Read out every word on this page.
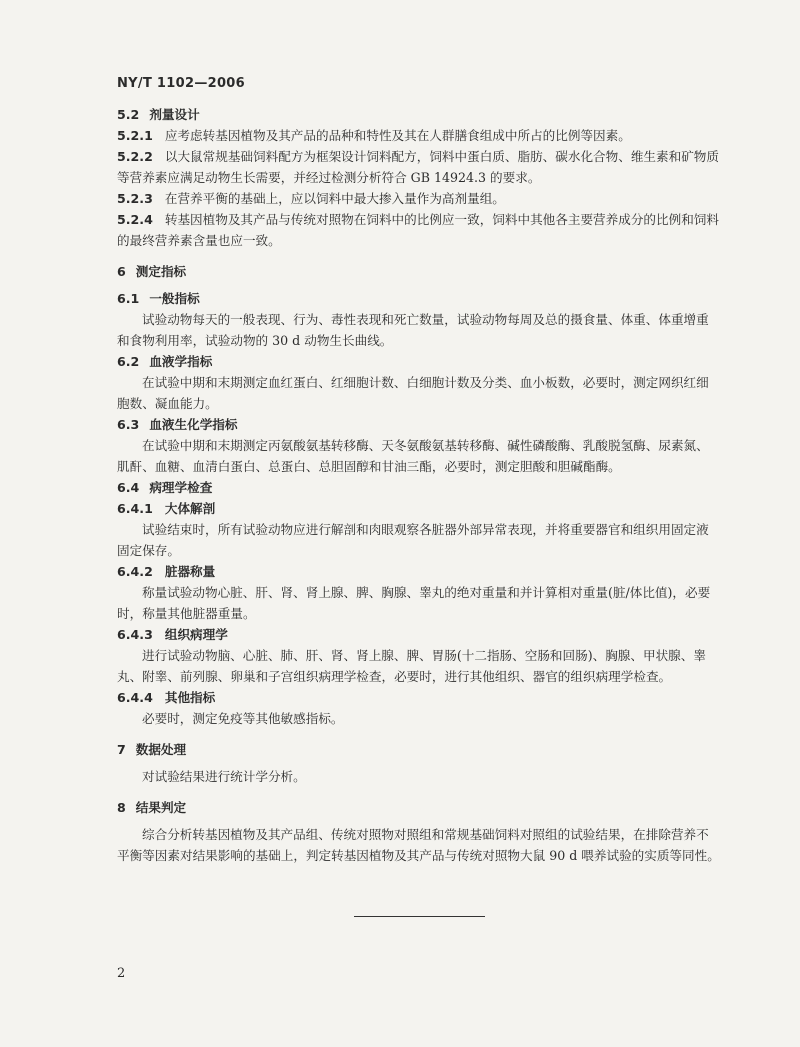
NY/T 1102—2006
5.2 剂量设计

5.2.1 应考虑转基因植物及其产品的品种和特性及其在人群膳食组成中所占的比例等因素。

5.2.2 以大鼠常规基础饲料配方为框架设计饲料配方，饲料中蛋白质、脂肪、碳水化合物、维生素和矿物质等营养素应满足动物生长需要，并经过检测分析符合 GB 14924.3 的要求。

5.2.3 在营养平衡的基础上，应以饲料中最大掺入量作为高剂量组。

5.2.4 转基因植物及其产品与传统对照物在饲料中的比例应一致，饲料中其他各主要营养成分的比例和饲料的最终营养素含量也应一致。

6 测定指标
6.1 一般指标

试验动物每天的一般表现、行为、毒性表现和死亡数量，试验动物每周及总的摄食量、体重、体重增重和食物利用率，试验动物的 30 d 动物生长曲线。

6.2 血液学指标

在试验中期和末期测定血红蛋白、红细胞计数、白细胞计数及分类、血小板数，必要时，测定网织红细胞数、凝血能力。

6.3 血液生化学指标

在试验中期和末期测定丙氨酸氨基转移酶、天冬氨酸氨基转移酶、碱性磷酸酶、乳酸脱氢酶、尿素氮、肌酐、血糖、血清白蛋白、总蛋白、总胆固醇和甘油三酯，必要时，测定胆酸和胆碱酯酶。

6.4 病理学检查
6.4.1 大体解剖

试验结束时，所有试验动物应进行解剖和肉眼观察各脏器外部异常表现，并将重要器官和组织用固定液固定保存。

6.4.2 脏器称量

称量试验动物心脏、肝、肾、肾上腺、脾、胸腺、睾丸的绝对重量和并计算相对重量(脏/体比值)，必要时，称量其他脏器重量。

6.4.3 组织病理学

进行试验动物脑、心脏、肺、肝、肾、肾上腺、脾、胃肠(十二指肠、空肠和回肠)、胸腺、甲状腺、睾丸、附睾、前列腺、卵巢和子宫组织病理学检查，必要时，进行其他组织、器官的组织病理学检查。

6.4.4 其他指标

必要时，测定免疫等其他敏感指标。

7 数据处理

对试验结果进行统计学分析。

8 结果判定

综合分析转基因植物及其产品组、传统对照物对照组和常规基础饲料对照组的试验结果，在排除营养不平衡等因素对结果影响的基础上，判定转基因植物及其产品与传统对照物大鼠 90 d 喂养试验的实质等同性。

2
